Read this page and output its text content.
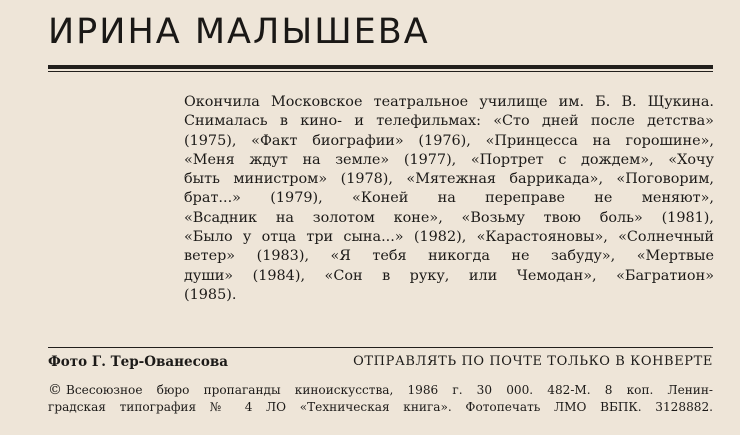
ИРИНА МАЛЫШЕВА
Окончила Московское театральное училище им. Б. В. Щукина.
Снималась в кино- и телефильмах: «Сто дней после детства»
(1975), «Факт биографии» (1976), «Принцесса на горошине»,
«Меня ждут на земле» (1977), «Портрет с дождем», «Хочу
быть министром» (1978), «Мятежная баррикада», «Поговорим, брат...» (1979), «Коней на переправе не меняют»,
«Всадник на золотом коне», «Возьму твою боль» (1981),
«Было у отца три сына...» (1982), «Карастояновы», «Солнечный ветер» (1983), «Я тебя никогда не забуду», «Мертвые
души» (1984), «Сон в руку, или Чемодан», «Багратион»
(1985).
Фото Г. Тер-Ованесова	ОТПРАВЛЯТЬ ПО ПОЧТЕ ТОЛЬКО В КОНВЕРТЕ
© Всесоюзное бюро пропаганды киноискусства, 1986 г. 30 000. 482-М. 8 коп. Ленин-
градская типография № 4 ЛО «Техническая книга». Фотопечать ЛМО ВБПК. 3128882.
